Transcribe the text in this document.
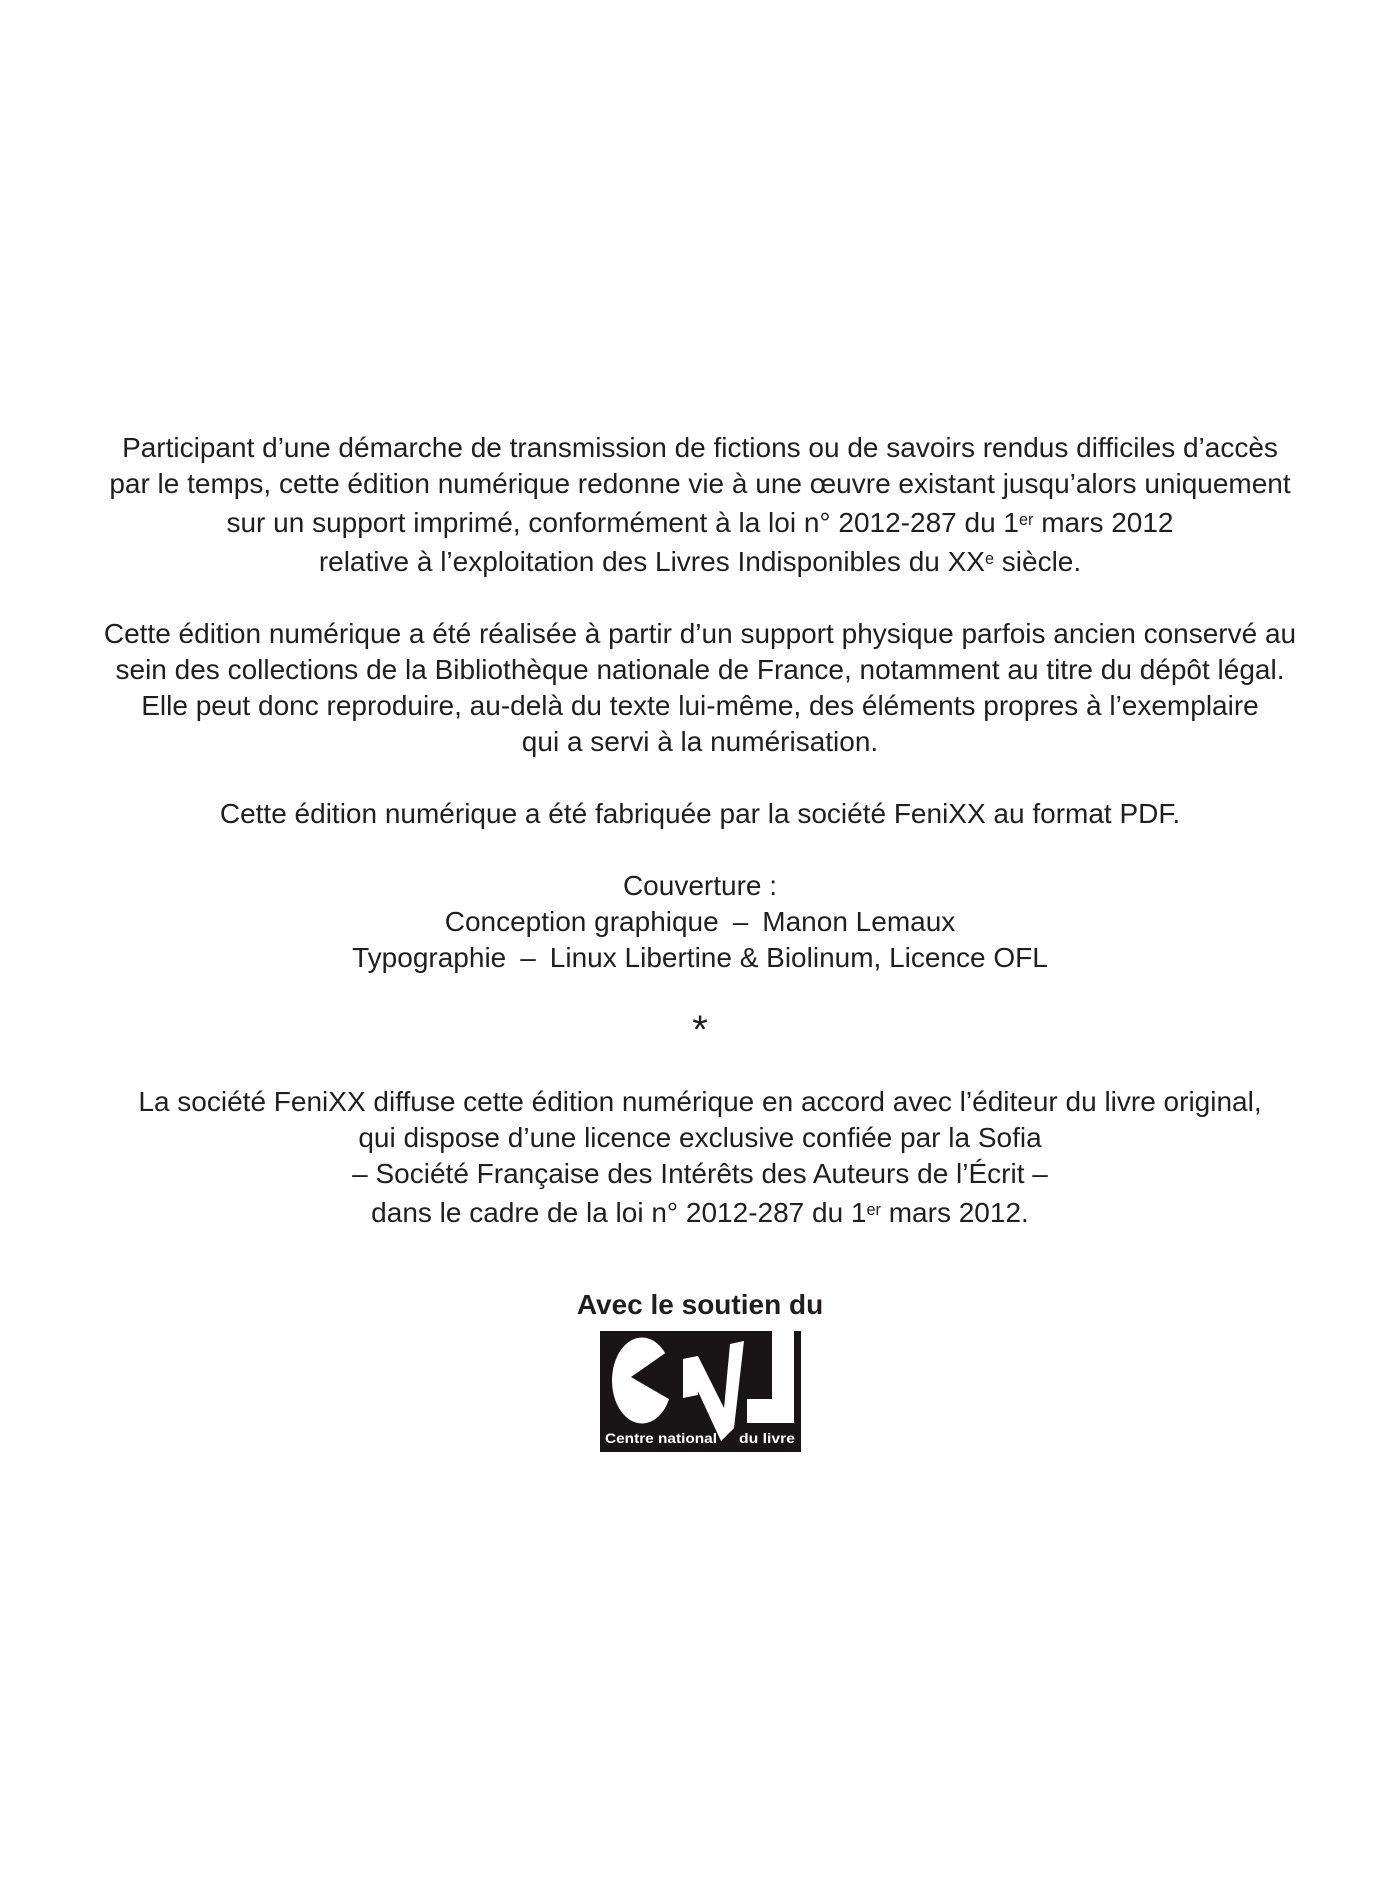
Participant d’une démarche de transmission de fictions ou de savoirs rendus difficiles d’accès
par le temps, cette édition numérique redonne vie à une œuvre existant jusqu’alors uniquement
sur un support imprimé, conformément à la loi n° 2012-287 du 1er mars 2012
relative à l’exploitation des Livres Indisponibles du XXe siècle.
Cette édition numérique a été réalisée à partir d’un support physique parfois ancien conservé au
sein des collections de la Bibliothèque nationale de France, notamment au titre du dépôt légal.
Elle peut donc reproduire, au-delà du texte lui-même, des éléments propres à l’exemplaire
qui a servi à la numérisation.
Cette édition numérique a été fabriquée par la société FeniXX au format PDF.
Couverture :
Conception graphique – Manon Lemaux
Typographie – Linux Libertine & Biolinum, Licence OFL
*
La société FeniXX diffuse cette édition numérique en accord avec l’éditeur du livre original,
qui dispose d’une licence exclusive confiée par la Sofia
– Société Française des Intérêts des Auteurs de l’Écrit –
dans le cadre de la loi n° 2012-287 du 1er mars 2012.
Avec le soutien du
Centre national du livre
